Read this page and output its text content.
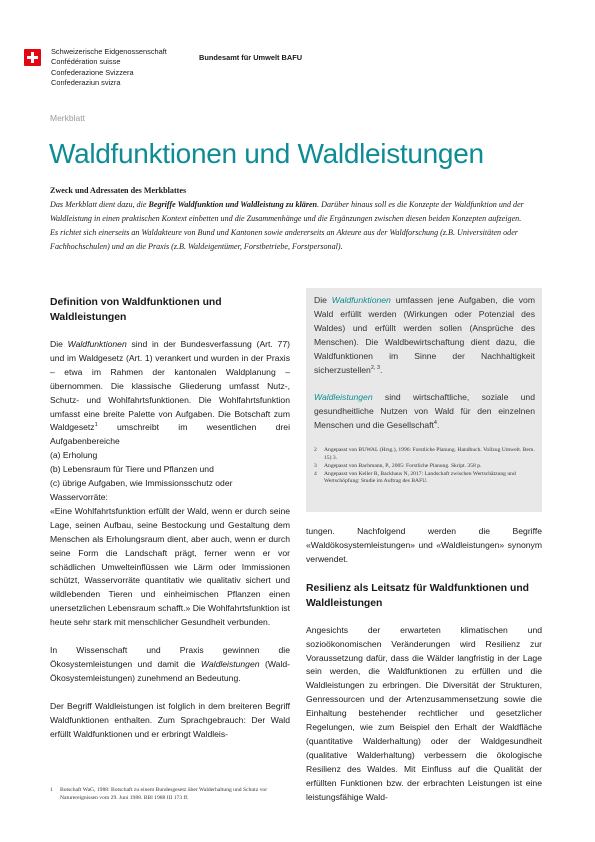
Schweizerische Eidgenossenschaft
Confédération suisse
Confederazione Svizzera
Confederaziun svizra
Bundesamt für Umwelt BAFU
Merkblatt
Waldfunktionen und Waldleistungen
Zweck und Adressaten des Merkblattes

Das Merkblatt dient dazu, die Begriffe Waldfunktion und Waldleistung zu klären. Darüber hinaus soll es die Konzepte der Waldfunktion und der Waldleistung in einen praktischen Kontext einbetten und die Zusammenhänge und die Ergänzungen zwischen diesen beiden Konzepten aufzeigen.

Es richtet sich einerseits an Waldakteure von Bund und Kantonen sowie andererseits an Akteure aus der Waldforschung (z.B. Universitäten oder Fachhochschulen) und an die Praxis (z.B. Waldeigentümer, Forstbetriebe, Forstpersonal).

Definition von Waldfunktionen und Waldleistungen

Die Waldfunktionen sind in der Bundesverfassung (Art. 77) und im Waldgesetz (Art. 1) verankert und wurden in der Praxis – etwa im Rahmen der kantonalen Waldplanung – übernommen. Die klassische Gliederung umfasst Nutz-, Schutz- und Wohlfahrtsfunktionen. Die Wohlfahrtsfunktion umfasst eine breite Palette von Aufgaben. Die Botschaft zum Waldgesetz$^1$ umschreibt im wesentlichen drei Aufgabenbereiche

(a) Erholung

(b) Lebensraum für Tiere und Pflanzen und

(c) übrige Aufgaben, wie Immissionsschutz oder Wasservorräte:

«Eine Wohlfahrtsfunktion erfüllt der Wald, wenn er durch seine Lage, seinen Aufbau, seine Bestockung und Gestaltung dem Menschen als Erholungsraum dient, aber auch, wenn er durch seine Form die Landschaft prägt, ferner wenn er vor schädlichen Umwelteinflüssen wie Lärm oder Immissionen schützt, Wasservorräte quantitativ wie qualitativ sichert und wildlebenden Tieren und einheimischen Pflanzen einen unersetzlichen Lebensraum schafft.» Die Wohlfahrtsfunktion ist heute sehr stark mit menschlicher Gesundheit verbunden.

In Wissenschaft und Praxis gewinnen die Ökosystemleistungen und damit die Waldleistungen (Wald-Ökosystemleistungen) zunehmend an Bedeutung.

Der Begriff Waldleistungen ist folglich in dem breiteren Begriff Waldfunktionen enthalten. Zum Sprachgebrauch: Der Wald erfüllt Waldfunktionen und er erbringt Waldleis-

1	Botschaft WaG, 1988: Botschaft zu einem Bundesgesetz über Walderhaltung und Schutz vor Naturereignissen vom 29. Juni 1988. BBl 1988 III 173 ff.

Die Waldfunktionen umfassen jene Aufgaben, die vom Wald erfüllt werden (Wirkungen oder Potenzial des Waldes) und erfüllt werden sollen (Ansprüche des Menschen). Die Waldbewirtschaftung dient dazu, die Waldfunktionen im Sinne der Nachhaltigkeit sicherzustellen$^{2, 3}$.

Waldleistungen sind wirtschaftliche, soziale und gesundheitliche Nutzen von Wald für den einzelnen Menschen und die Gesellschaft$^4$.

2	Angepasst von BUWAL (Hrsg.), 1996: Forstliche Planung. Handbuch. Vollzug Umwelt. Bern. 15) 3.
3	Angepasst von Bachmann, P., 2005: Forstliche Planung. Skript. 358 p.
4	Angepasst von Keller R, Backhaus N, 2017: Landschaft zwischen Wertschätzung und Wertschöpfung: Studie im Auftrag des BAFU.

tungen. Nachfolgend werden die Begriffe «Waldökosystemleistungen» und «Waldleistungen» synonym verwendet.

Resilienz als Leitsatz für Waldfunktionen und Waldleistungen

Angesichts der erwarteten klimatischen und sozioökonomischen Veränderungen wird Resilienz zur Voraussetzung dafür, dass die Wälder langfristig in der Lage sein werden, die Waldfunktionen zu erfüllen und die Waldleistungen zu erbringen. Die Diversität der Strukturen, Genressourcen und der Artenzusammensetzung sowie die Einhaltung bestehender rechtlicher und gesetzlicher Regelungen, wie zum Beispiel den Erhalt der Waldfläche (quantitative Walderhaltung) oder der Waldgesundheit (qualitative Walderhaltung) verbessern die ökologische Resilienz des Waldes. Mit Einfluss auf die Qualität der erfüllten Funktionen bzw. der erbrachten Leistungen ist eine leistungsfähige Wald-
